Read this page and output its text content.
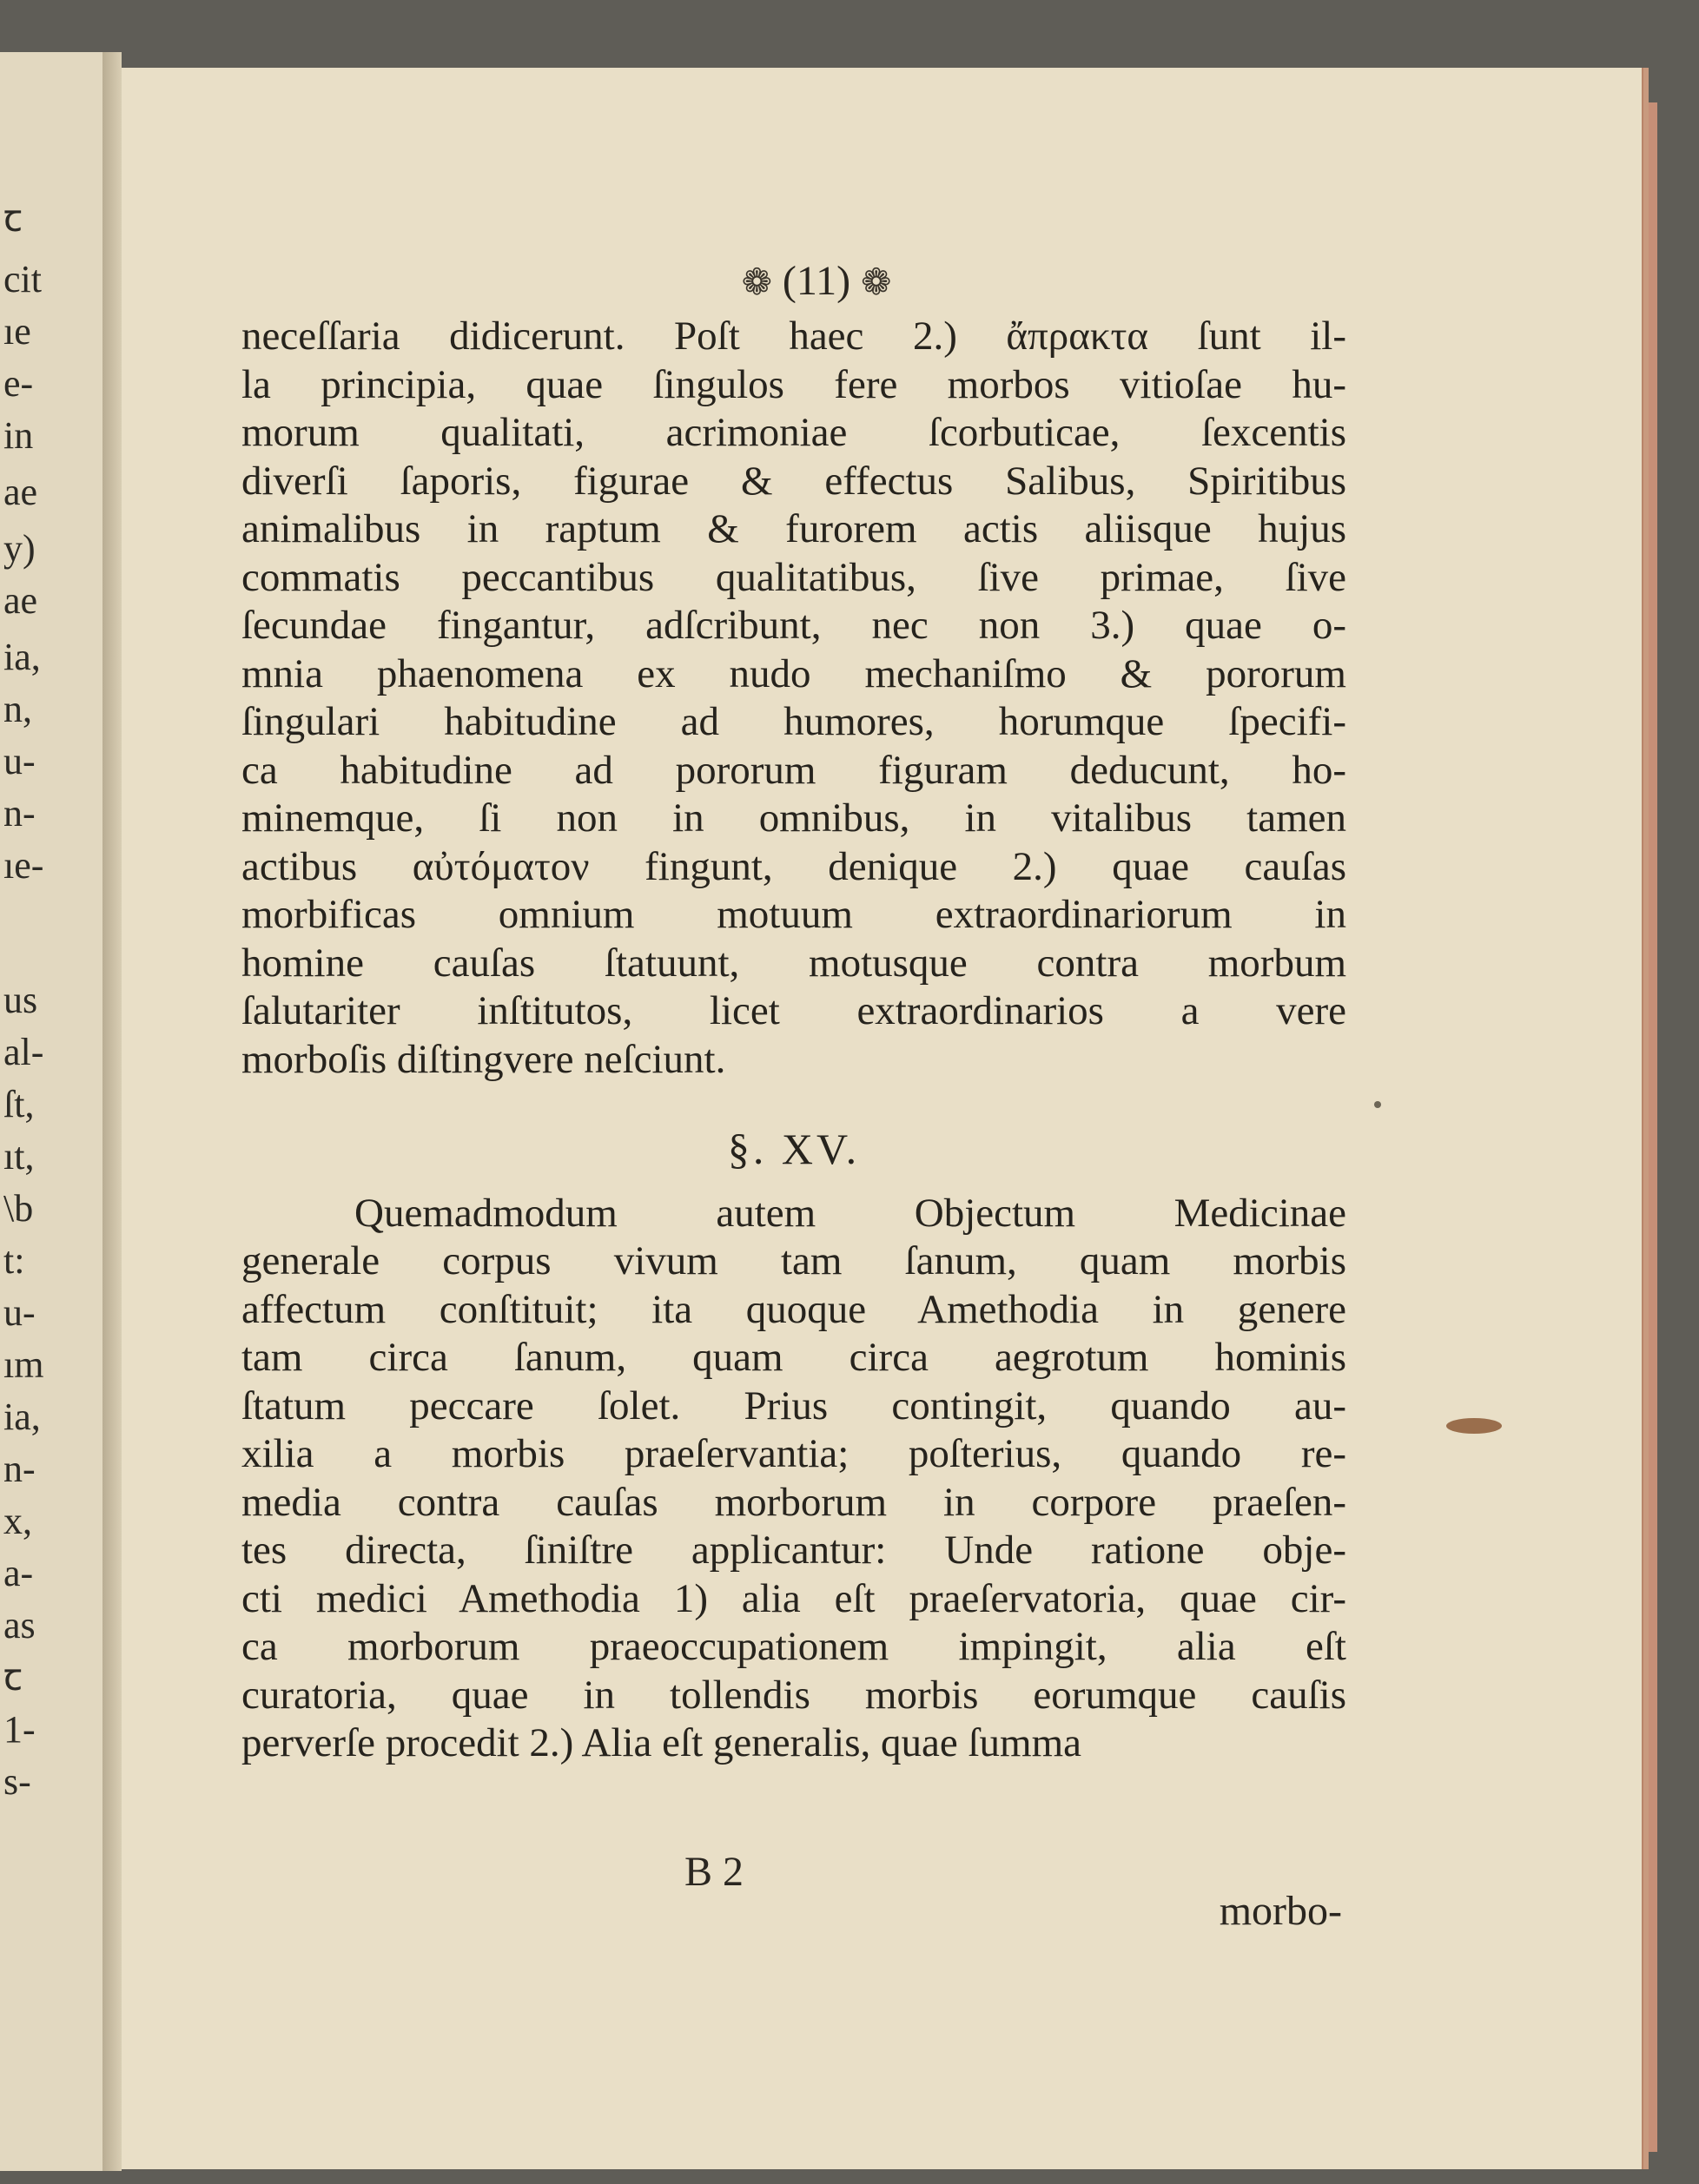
ꞇ
cit
ıe
e-
in
ae
y)
ae
ia,
n,
u-
n-
ıe-
us
al-
ſt,
ıt,
\b
t:
u-
ım
ia,
n-
x,
a-
as
ꞇ
1-
s-
❁ (11) ❁
neceſſaria didicerunt. Poſt haec 2.) ἄπρακτα ſunt il-
la principia, quae ſingulos fere morbos vitioſae hu-
morum qualitati, acrimoniae ſcorbuticae, ſexcentis
diverſi ſaporis, figurae & effectus Salibus, Spiritibus
animalibus in raptum & furorem actis aliisque hujus
commatis peccantibus qualitatibus, ſive primae, ſive
ſecundae fingantur, adſcribunt, nec non 3.) quae o-
mnia phaenomena ex nudo mechaniſmo & pororum
ſingulari habitudine ad humores, horumque ſpecifi-
ca habitudine ad pororum figuram deducunt, ho-
minemque, ſi non in omnibus, in vitalibus tamen
actibus αὐτόματον fingunt, denique 2.) quae cauſas
morbificas omnium motuum extraordinariorum in
homine cauſas ſtatuunt, motusque contra morbum
ſalutariter inſtitutos, licet extraordinarios a vere
morboſis diſtingvere neſciunt.
§. XV.
Quemadmodum autem Objectum Medicinae
generale corpus vivum tam ſanum, quam morbis
affectum conſtituit; ita quoque Amethodia in genere
tam circa ſanum, quam circa aegrotum hominis
ſtatum peccare ſolet. Prius contingit, quando au-
xilia a morbis praeſervantia; poſterius, quando re-
media contra cauſas morborum in corpore praeſen-
tes directa, ſiniſtre applicantur: Unde ratione obje-
cti medici Amethodia 1) alia eſt praeſervatoria, quae cir-
ca morborum praeoccupationem impingit, alia eſt
curatoria, quae in tollendis morbis eorumque cauſis
perverſe procedit 2.) Alia eſt generalis, quae ſumma
B 2
morbo-
